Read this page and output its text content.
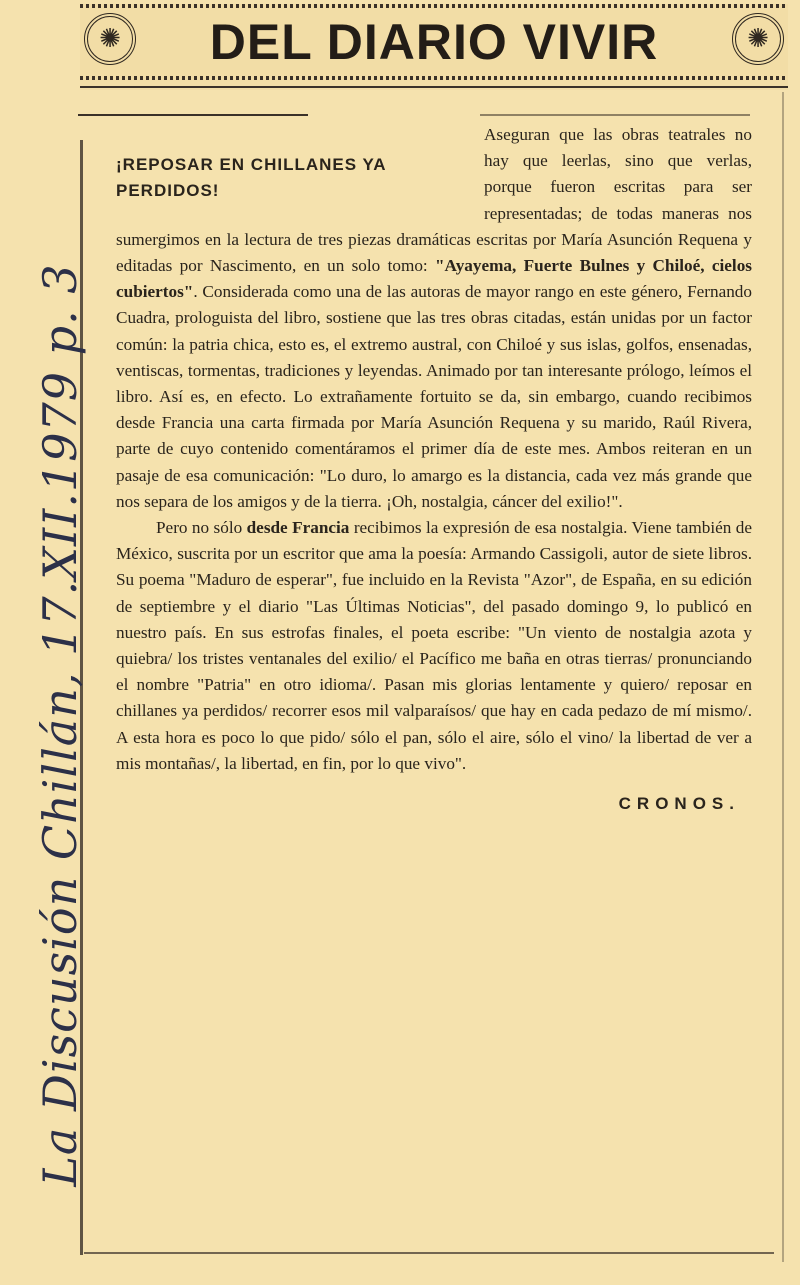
✺	DEL DIARIO VIVIR	✺
¡REPOSAR EN CHILLANES YA PERDIDOS!

Aseguran que las obras teatrales no hay que leerlas, sino que verlas, porque fueron escritas para ser representadas; de todas maneras nos sumergimos en la lectura de tres piezas dramáticas escritas por María Asunción Requena y editadas por Nascimento, en un solo tomo: "Ayayema, Fuerte Bulnes y Chiloé, cielos cubiertos". Considerada como una de las autoras de mayor rango en este género, Fernando Cuadra, prologuista del libro, sostiene que las tres obras citadas, están unidas por un factor común: la patria chica, esto es, el extremo austral, con Chiloé y sus islas, golfos, ensenadas, ventiscas, tormentas, tradiciones y leyendas. Animado por tan interesante prólogo, leímos el libro. Así es, en efecto. Lo extrañamente fortuito se da, sin embargo, cuando recibimos desde Francia una carta firmada por María Asunción Requena y su marido, Raúl Rivera, parte de cuyo contenido comentáramos el primer día de este mes. Ambos reiteran en un pasaje de esa comunicación: "Lo duro, lo amargo es la distancia, cada vez más grande que nos separa de los amigos y de la tierra. ¡Oh, nostalgia, cáncer del exilio!".

Pero no sólo desde Francia recibimos la expresión de esa nostalgia. Viene también de México, suscrita por un escritor que ama la poesía: Armando Cassigoli, autor de siete libros. Su poema "Maduro de esperar", fue incluido en la Revista "Azor", de España, en su edición de septiembre y el diario "Las Últimas Noticias", del pasado domingo 9, lo publicó en nuestro país. En sus estrofas finales, el poeta escribe: "Un viento de nostalgia azota y quiebra/ los tristes ventanales del exilio/ el Pacífico me baña en otras tierras/ pronunciando el nombre "Patria" en otro idioma/. Pasan mis glorias lentamente y quiero/ reposar en chillanes ya perdidos/ recorrer esos mil valparaísos/ que hay en cada pedazo de mí mismo/. A esta hora es poco lo que pido/ sólo el pan, sólo el aire, sólo el vino/ la libertad de ver a mis montañas/, la libertad, en fin, por lo que vivo".

CRONOS.
La Discusión Chillán, 17.XII.1979 p. 3
